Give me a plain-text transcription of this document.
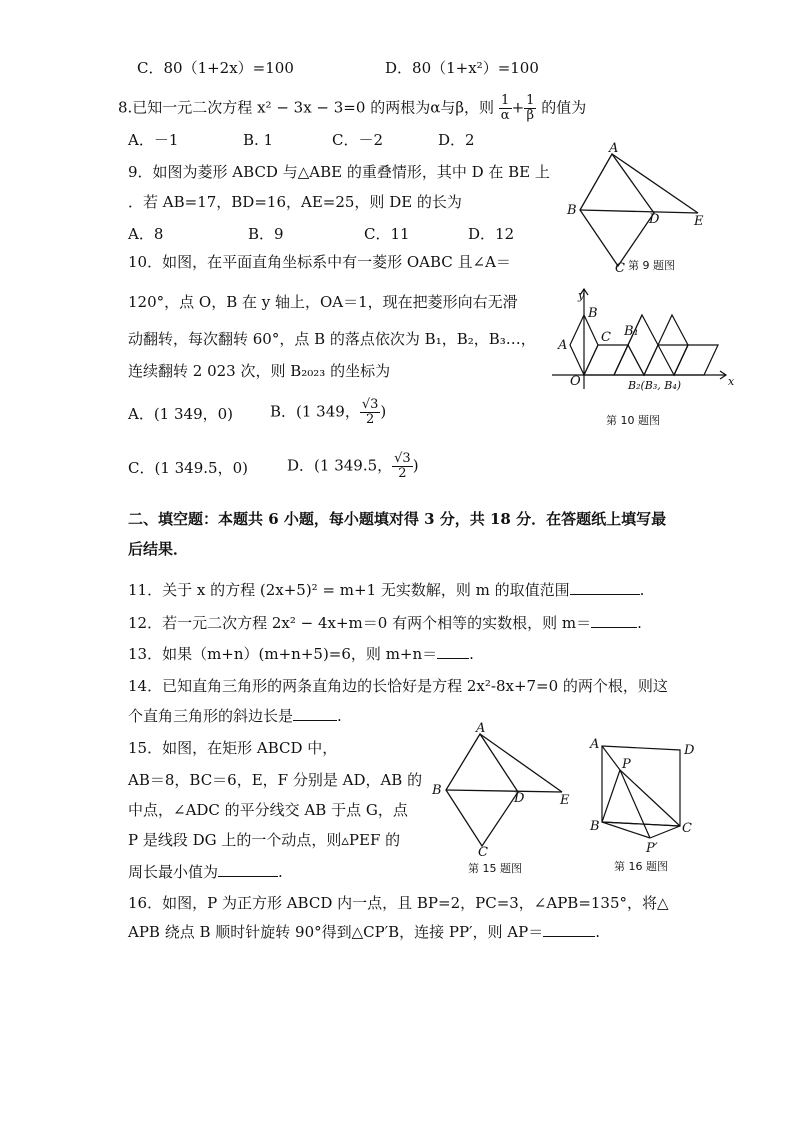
C．80（1+2x）=100	D．80（1+x²）=100
8.已知一元二次方程 x² − 3x − 3=0 的两根为α与β，则 $\frac{1}{\alpha} + \frac{1}{\beta}$ 的值为
A．－1	B. 1	C．－2	D．2
9．如图为菱形 ABCD 与△ABE 的重叠情形，其中 D 在 BE 上
．若 AB=17，BD=16，AE=25，则 DE 的长为
A．8	B．9	C．11	D．12
A
B
D	E
C 第 9 题图
10．如图，在平面直角坐标系中有一菱形 OABC 且∠A＝
120°，点 O，B 在 y 轴上，OA＝1，现在把菱形向右无滑
动翻转，每次翻转 60°，点 B 的落点依次为 B₁，B₂，B₃…，
连续翻转 2 023 次，则 B₂₀₂₃ 的坐标为
A．(1 349，0) B．(1 349， $\frac{√3}{2}$ )
C．(1 349.5，0)	D．(1 349.5， $\frac{√3}{2}$ )
y
x
O
A
B
C B₁
B₂(B₃, B₄)
第 10 题图
二、填空题：本题共 6 小题，每小题填对得 3 分，共 18 分．在答题纸上填写最
后结果．
11．关于 x 的方程 (2x+5)² = m+1 无实数解，则 m 的取值范围	.
12．若一元二次方程 2x² − 4x+m＝0 有两个相等的实数根，则 m＝	.
13．如果（m+n）(m+n+5)=6，则 m+n＝ .
14．已知直角三角形的两条直角边的长恰好是方程 2x²-8x+7=0 的两个根，则这
个直角三角形的斜边长是	.
15．如图，在矩形 ABCD 中，
AB＝8，BC＝6，E，F 分别是 AD，AB 的
中点，∠ADC 的平分线交 AB 于点 G，点
P 是线段 DG 上的一个动点，则▵PEF 的
周长最小值为	.
A
B
D	E
C
第 15 题图
A	D
P
B	C
P′
第 16 题图
16．如图，P 为正方形 ABCD 内一点，且 BP=2，PC=3，∠APB=135°，将△
APB 绕点 B 顺时针旋转 90°得到△CP′B，连接 PP′，则 AP＝	.
